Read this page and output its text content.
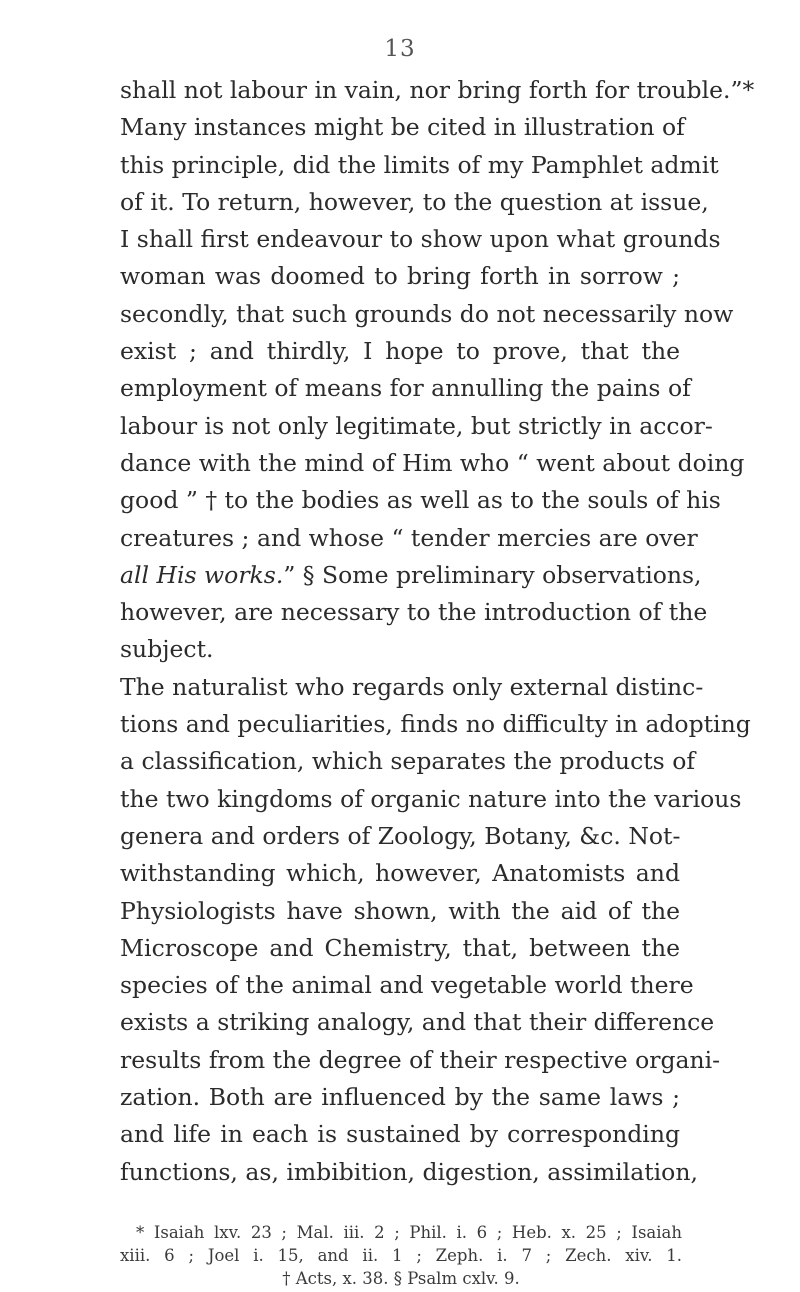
13
shall not labour in vain, nor bring forth for trouble.”*
Many instances might be cited in illustration of
this principle, did the limits of my Pamphlet admit
of it. To return, however, to the question at issue,
I shall first endeavour to show upon what grounds
woman was doomed to bring forth in sorrow ;
secondly, that such grounds do not necessarily now
exist ; and thirdly, I hope to prove, that the
employment of means for annulling the pains of
labour is not only legitimate, but strictly in accor-
dance with the mind of Him who “ went about doing
good ” † to the bodies as well as to the souls of his
creatures ; and whose “ tender mercies are over
all His works.” § Some preliminary observations,
however, are necessary to the introduction of the
subject.
The naturalist who regards only external distinc-
tions and peculiarities, finds no difficulty in adopting
a classification, which separates the products of
the two kingdoms of organic nature into the various
genera and orders of Zoology, Botany, &c. Not-
withstanding which, however, Anatomists and
Physiologists have shown, with the aid of the
Microscope and Chemistry, that, between the
species of the animal and vegetable world there
exists a striking analogy, and that their difference
results from the degree of their respective organi-
zation. Both are influenced by the same laws ;
and life in each is sustained by corresponding
functions, as, imbibition, digestion, assimilation,
* Isaiah lxv. 23 ; Mal. iii. 2 ; Phil. i. 6 ; Heb. x. 25 ; Isaiah
xiii. 6 ; Joel i. 15, and ii. 1 ; Zeph. i. 7 ; Zech. xiv. 1.
† Acts, x. 38. § Psalm cxlv. 9.
